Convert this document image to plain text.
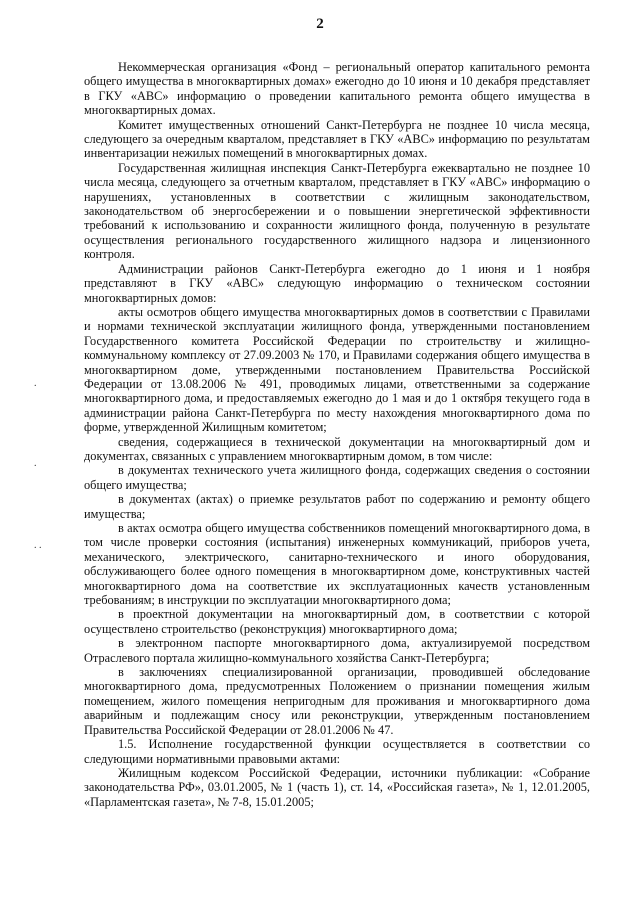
2
.
.
. .

Некоммерческая организация «Фонд – региональный оператор капитального ремонта общего имущества в многоквартирных домах» ежегодно до 10 июня и 10 декабря представляет в ГКУ «АВС» информацию о проведении капитального ремонта общего имущества в многоквартирных домах.

Комитет имущественных отношений Санкт-Петербурга не позднее 10 числа месяца, следующего за очередным кварталом, представляет в ГКУ «АВС» информацию по результатам инвентаризации нежилых помещений в многоквартирных домах.

Государственная жилищная инспекция Санкт-Петербурга ежеквартально не позднее 10 числа месяца, следующего за отчетным кварталом, представляет в ГКУ «АВС» информацию о нарушениях, установленных в соответствии с жилищным законодательством, законодательством об энергосбережении и о повышении энергетической эффективности требований к использованию и сохранности жилищного фонда, полученную в результате осуществления регионального государственного жилищного надзора и лицензионного контроля.

Администрации районов Санкт-Петербурга ежегодно до 1 июня и 1 ноября представляют в ГКУ «АВС» следующую информацию о техническом состоянии многоквартирных домов:

акты осмотров общего имущества многоквартирных домов в соответствии с Правилами и нормами технической эксплуатации жилищного фонда, утвержденными постановлением Государственного комитета Российской Федерации по строительству и жилищно-коммунальному комплексу от 27.09.2003 № 170, и Правилами содержания общего имущества в многоквартирном доме, утвержденными постановлением Правительства Российской Федерации от 13.08.2006 № 491, проводимых лицами, ответственными за содержание многоквартирного дома, и предоставляемых ежегодно до 1 мая и до 1 октября текущего года в администрации района Санкт-Петербурга по месту нахождения многоквартирного дома по форме, утвержденной Жилищным комитетом;

сведения, содержащиеся в технической документации на многоквартирный дом и документах, связанных с управлением многоквартирным домом, в том числе:

в документах технического учета жилищного фонда, содержащих сведения о состоянии общего имущества;

в документах (актах) о приемке результатов работ по содержанию и ремонту общего имущества;

в актах осмотра общего имущества собственников помещений многоквартирного дома, в том числе проверки состояния (испытания) инженерных коммуникаций, приборов учета, механического, электрического, санитарно-технического и иного оборудования, обслуживающего более одного помещения в многоквартирном доме, конструктивных частей многоквартирного дома на соответствие их эксплуатационных качеств установленным требованиям; в инструкции по эксплуатации многоквартирного дома;

в проектной документации на многоквартирный дом, в соответствии с которой осуществлено строительство (реконструкция) многоквартирного дома;

в электронном паспорте многоквартирного дома, актуализируемой посредством Отраслевого портала жилищно-коммунального хозяйства Санкт-Петербурга;

в заключениях специализированной организации, проводившей обследование многоквартирного дома, предусмотренных Положением о признании помещения жилым помещением, жилого помещения непригодным для проживания и многоквартирного дома аварийным и подлежащим сносу или реконструкции, утвержденным постановлением Правительства Российской Федерации от 28.01.2006 № 47.

1.5. Исполнение государственной функции осуществляется в соответствии со следующими нормативными правовыми актами:

Жилищным кодексом Российской Федерации, источники публикации: «Собрание законодательства РФ», 03.01.2005, № 1 (часть 1), ст. 14, «Российская газета», № 1, 12.01.2005, «Парламентская газета», № 7-8, 15.01.2005;
